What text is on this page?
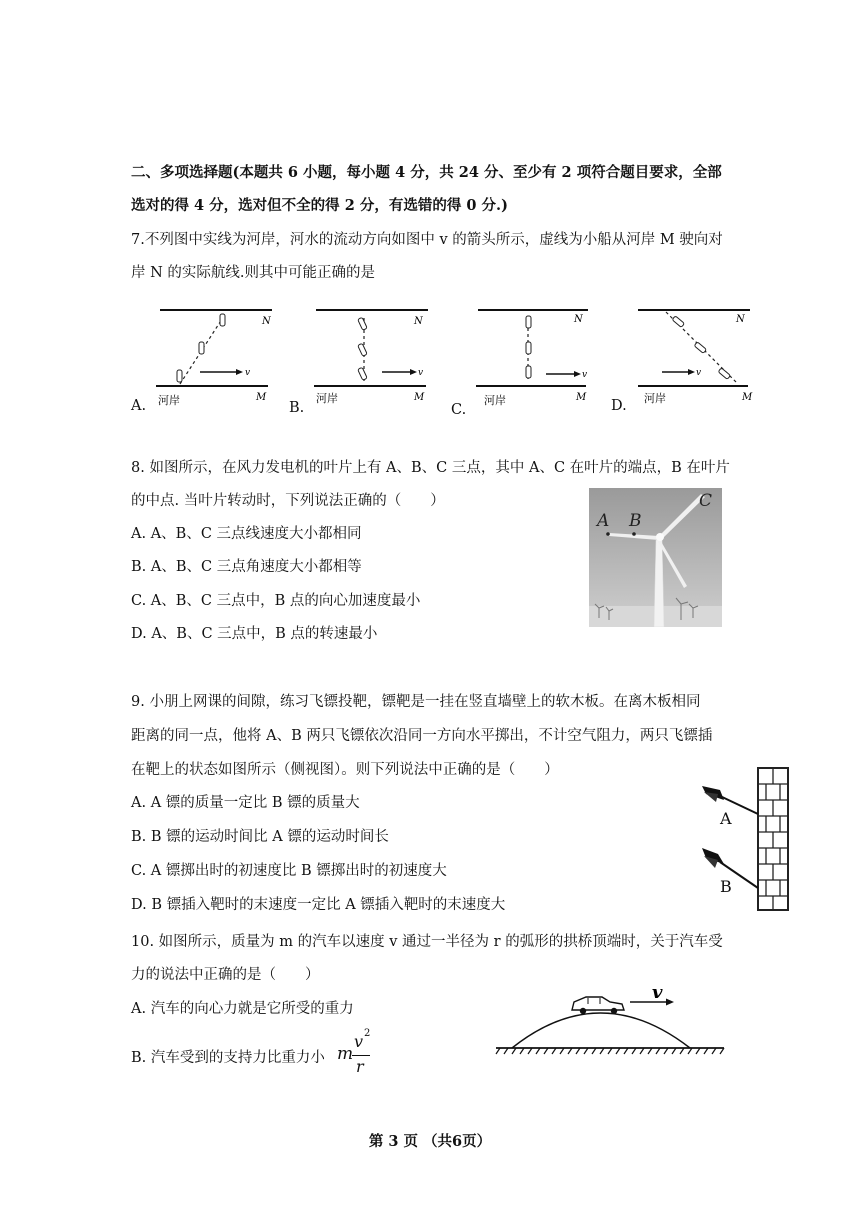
二、多项选择题(本题共 6 小题，每小题 4 分，共 24 分、至少有 2 项符合题目要求，全部
选对的得 4 分，选对但不全的得 2 分，有选错的得 0 分.)
7.不列图中实线为河岸，河水的流动方向如图中 v 的箭头所示，虚线为小船从河岸 M 驶向对
岸 N 的实际航线.则其中可能正确的是
A.	B.	C.	D.
v
N
M
河岸
v
N
M
河岸
v
N
M
河岸
v
N
M
河岸
8. 如图所示，在风力发电机的叶片上有 A、B、C 三点，其中 A、C 在叶片的端点，B 在叶片
的中点. 当叶片转动时，下列说法正确的（　　）
A. A、B、C 三点线速度大小都相同
B. A、B、C 三点角速度大小都相等
C. A、B、C 三点中，B 点的向心加速度最小
D. A、B、C 三点中，B 点的转速最小
A B
C
9. 小朋上网课的间隙，练习飞镖投靶，镖靶是一挂在竖直墙壁上的软木板。在离木板相同
距离的同一点，他将 A、B 两只飞镖依次沿同一方向水平掷出，不计空气阻力，两只飞镖插
在靶上的状态如图所示（侧视图）。则下列说法中正确的是（　　）
A. A 镖的质量一定比 B 镖的质量大
B. B 镖的运动时间比 A 镖的运动时间长
C. A 镖掷出时的初速度比 B 镖掷出时的初速度大
D. B 镖插入靶时的末速度一定比 A 镖插入靶时的末速度大
A
B
10. 如图所示，质量为 m 的汽车以速度 v 通过一半径为 r 的弧形的拱桥顶端时，关于汽车受
力的说法中正确的是（　　）
A. 汽车的向心力就是它所受的重力
B. 汽车受到的支持力比重力小 m
v 2
r
v
第 3 页 （共6页）
